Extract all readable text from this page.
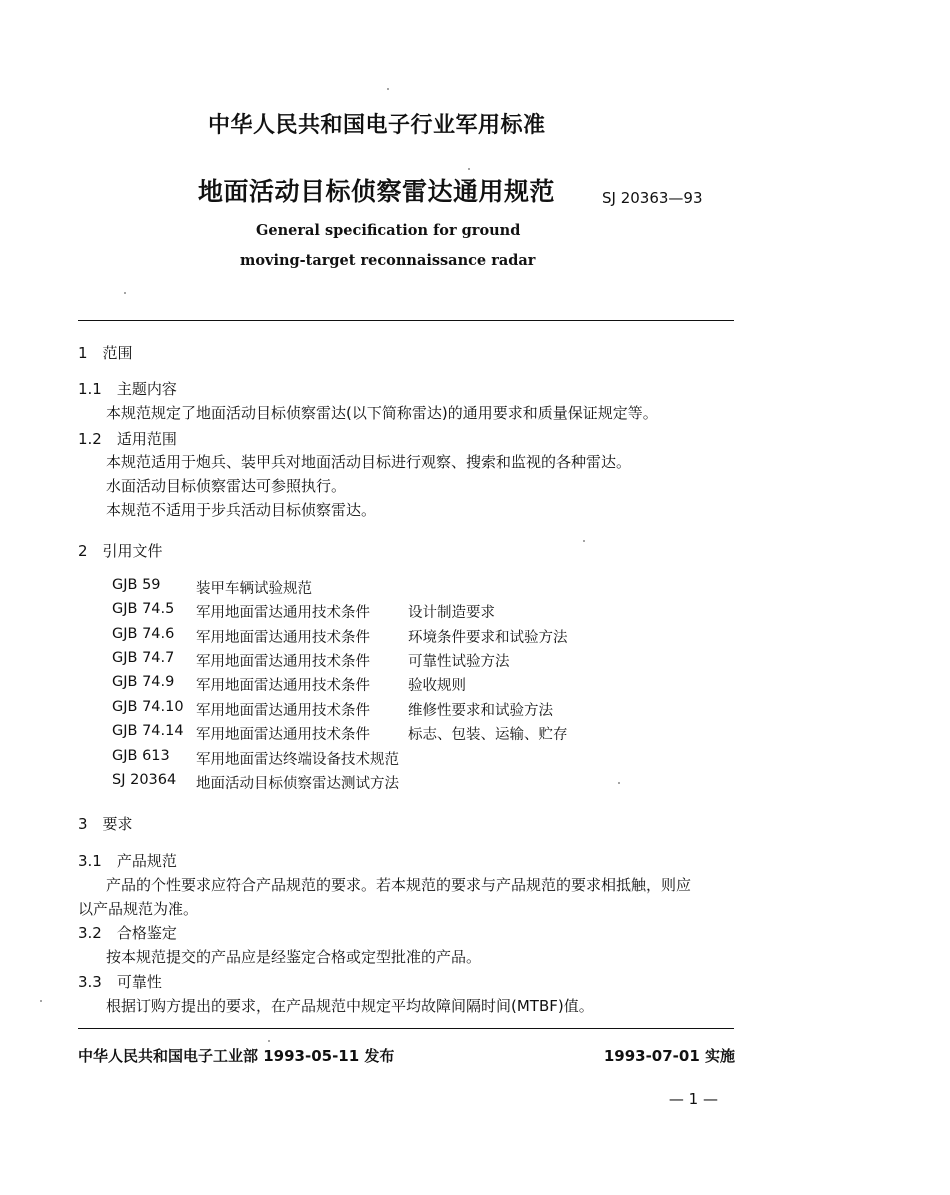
中华人民共和国电子行业军用标准
地面活动目标侦察雷达通用规范	SJ 20363—93
General specification for ground
moving-target reconnaissance radar
1　范围
1.1　主题内容
本规范规定了地面活动目标侦察雷达(以下简称雷达)的通用要求和质量保证规定等。
1.2　适用范围
本规范适用于炮兵、装甲兵对地面活动目标进行观察、搜索和监视的各种雷达。
水面活动目标侦察雷达可参照执行。
本规范不适用于步兵活动目标侦察雷达。
2　引用文件
GJB 59 装甲车辆试验规范
GJB 74.5 军用地面雷达通用技术条件	设计制造要求
GJB 74.6 军用地面雷达通用技术条件	环境条件要求和试验方法
GJB 74.7 军用地面雷达通用技术条件	可靠性试验方法
GJB 74.9 军用地面雷达通用技术条件	验收规则
GJB 74.10 军用地面雷达通用技术条件	维修性要求和试验方法
GJB 74.14 军用地面雷达通用技术条件	标志、包装、运输、贮存
GJB 613 军用地面雷达终端设备技术规范
SJ 20364 地面活动目标侦察雷达测试方法
3　要求
3.1　产品规范
产品的个性要求应符合产品规范的要求。若本规范的要求与产品规范的要求相抵触，则应
以产品规范为准。
3.2　合格鉴定
按本规范提交的产品应是经鉴定合格或定型批准的产品。
3.3　可靠性
根据订购方提出的要求，在产品规范中规定平均故障间隔时间(MTBF)值。
中华人民共和国电子工业部 1993-05-11 发布	1993-07-01 实施
— 1 —
